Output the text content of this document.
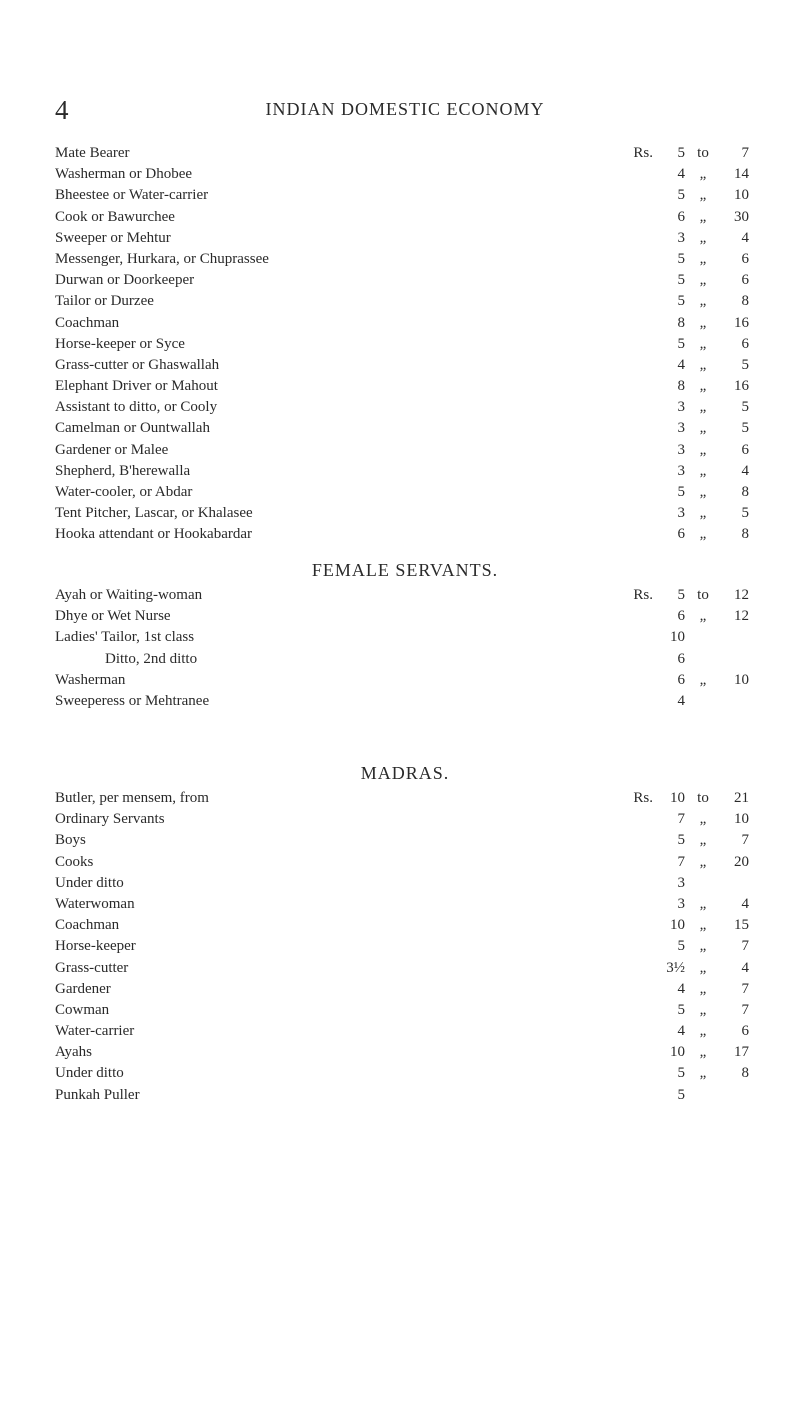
4	INDIAN DOMESTIC ECONOMY
Mate Bearer	Rs.	5 to	7
Washerman or Dhobee	4 „	14
Bheestee or Water-carrier	5 „	10
Cook or Bawurchee	6 „	30
Sweeper or Mehtur	3 „	4
Messenger, Hurkara, or Chuprassee	5 „	6
Durwan or Doorkeeper	5 „	6
Tailor or Durzee	5 „	8
Coachman	8 „	16
Horse-keeper or Syce	5 „	6
Grass-cutter or Ghaswallah	4 „	5
Elephant Driver or Mahout	8 „	16
Assistant to ditto, or Cooly	3 „	5
Camelman or Ountwallah	3 „	5
Gardener or Malee	3 „	6
Shepherd, B'herewalla	3 „	4
Water-cooler, or Abdar	5 „	8
Tent Pitcher, Lascar, or Khalasee	3 „	5
Hooka attendant or Hookabardar	6 „	8
FEMALE SERVANTS.
Ayah or Waiting-woman	Rs.	5 to	12
Dhye or Wet Nurse	6 „	12
Ladies' Tailor, 1st class	10
Ditto, 2nd ditto	6
Washerman	6 „	10
Sweeperess or Mehtranee	4
MADRAS.
Butler, per mensem, from	Rs.	10 to	21
Ordinary Servants	7 „	10
Boys	5 „	7
Cooks	7 „	20
Under ditto	3
Waterwoman	3 „	4
Coachman	10 „	15
Horse-keeper	5 „	7
Grass-cutter	3½ „	4
Gardener	4 „	7
Cowman	5 „	7
Water-carrier	4 „	6
Ayahs	10 „	17
Under ditto	5 „	8
Punkah Puller	5
